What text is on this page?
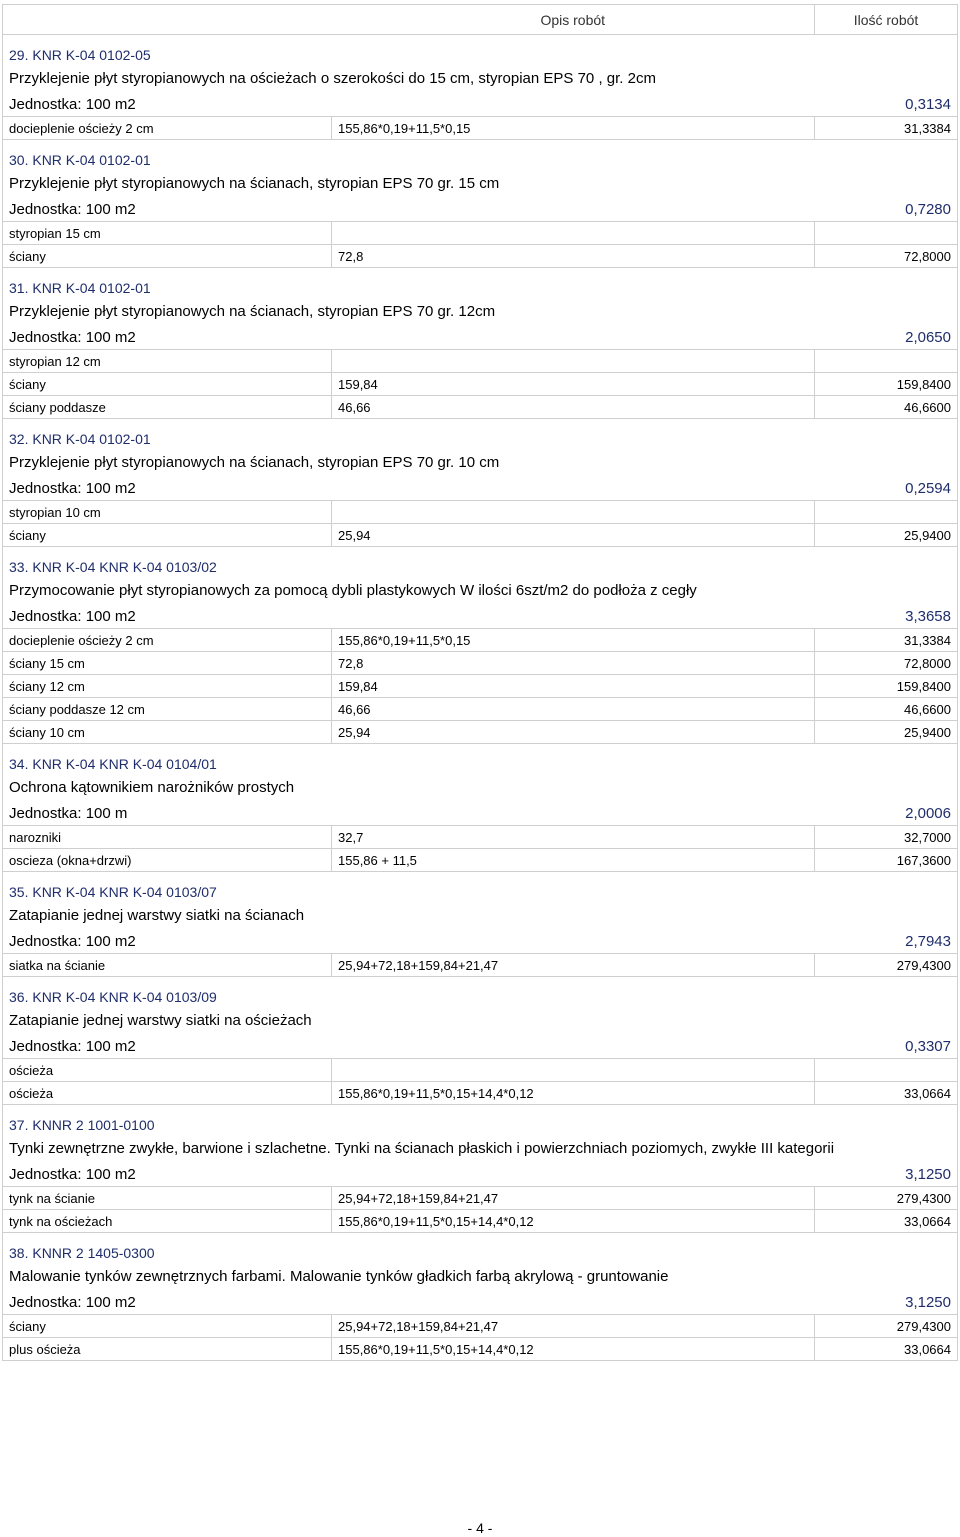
	Opis robót	Ilość robót
29. KNR K-04 0102-05		
Przyklejenie płyt styropianowych na ościeżach o szerokości do 15 cm, styropian EPS 70 , gr. 2cm		
Jednostka: 100 m2		0,3134
docieplenie ościeży 2 cm	155,86*0,19+11,5*0,15	31,3384
30. KNR K-04 0102-01		
Przyklejenie płyt styropianowych na ścianach, styropian EPS 70 gr. 15 cm		
Jednostka: 100 m2		0,7280
styropian 15 cm		
ściany	72,8	72,8000
31. KNR K-04 0102-01		
Przyklejenie płyt styropianowych na ścianach, styropian EPS 70 gr. 12cm		
Jednostka: 100 m2		2,0650
styropian 12 cm		
ściany	159,84	159,8400
ściany poddasze	46,66	46,6600
32. KNR K-04 0102-01		
Przyklejenie płyt styropianowych na ścianach, styropian EPS 70 gr. 10 cm		
Jednostka: 100 m2		0,2594
styropian 10 cm		
ściany	25,94	25,9400
33. KNR K-04 KNR K-04 0103/02		
Przymocowanie płyt styropianowych za pomocą dybli plastykowych W ilości 6szt/m2 do podłoża z cegły		
Jednostka: 100 m2		3,3658
docieplenie ościeży 2 cm	155,86*0,19+11,5*0,15	31,3384
ściany 15 cm	72,8	72,8000
ściany 12 cm	159,84	159,8400
ściany poddasze 12 cm	46,66	46,6600
ściany 10 cm	25,94	25,9400
34. KNR K-04 KNR K-04 0104/01		
Ochrona kątownikiem narożników prostych		
Jednostka: 100 m		2,0006
narozniki	32,7	32,7000
oscieza (okna+drzwi)	155,86 + 11,5	167,3600
35. KNR K-04 KNR K-04 0103/07		
Zatapianie jednej warstwy siatki na ścianach		
Jednostka: 100 m2		2,7943
siatka na ścianie	25,94+72,18+159,84+21,47	279,4300
36. KNR K-04 KNR K-04 0103/09		
Zatapianie jednej warstwy siatki na ościeżach		
Jednostka: 100 m2		0,3307
ościeża		
ościeża	155,86*0,19+11,5*0,15+14,4*0,12	33,0664
37. KNNR 2 1001-0100		
Tynki zewnętrzne zwykłe, barwione i szlachetne. Tynki na ścianach płaskich i powierzchniach poziomych, zwykłe III kategorii		
Jednostka: 100 m2		3,1250
tynk na ścianie	25,94+72,18+159,84+21,47	279,4300
tynk na ościeżach	155,86*0,19+11,5*0,15+14,4*0,12	33,0664
38. KNNR 2 1405-0300		
Malowanie tynków zewnętrznych farbami. Malowanie tynków gładkich farbą akrylową - gruntowanie		
Jednostka: 100 m2		3,1250
ściany	25,94+72,18+159,84+21,47	279,4300
plus ościeża	155,86*0,19+11,5*0,15+14,4*0,12	33,0664
- 4 -
